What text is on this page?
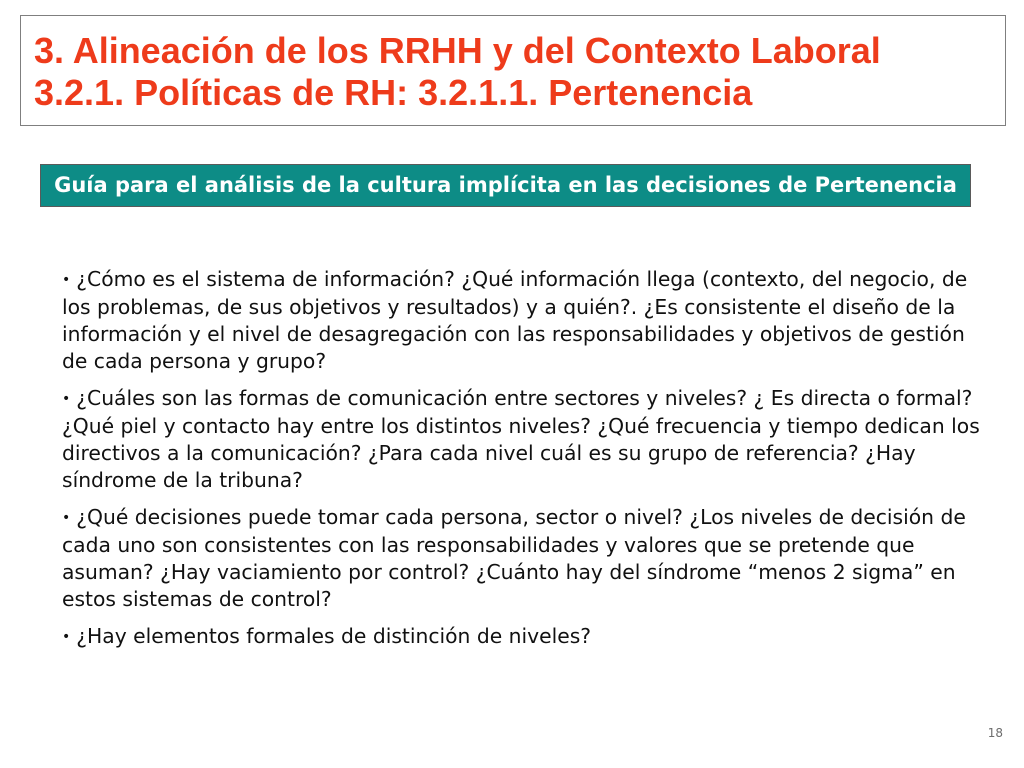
3. Alineación de los RRHH y del Contexto Laboral
3.2.1. Políticas de RH: 3.2.1.1. Pertenencia
Guía para el análisis de la cultura implícita en las decisiones de Pertenencia
• ¿Cómo es el sistema de información? ¿Qué información llega (contexto, del negocio, de los problemas, de sus objetivos y resultados) y a quién?. ¿Es consistente el diseño de la información y el nivel de desagregación con las responsabilidades y objetivos de gestión de cada persona y grupo?
• ¿Cuáles son las formas de comunicación entre sectores y niveles? ¿ Es directa o formal? ¿Qué piel y contacto hay entre los distintos niveles? ¿Qué frecuencia y tiempo dedican los directivos a la comunicación? ¿Para cada nivel cuál es su grupo de referencia? ¿Hay síndrome de la tribuna?
• ¿Qué decisiones puede tomar cada persona, sector o nivel? ¿Los niveles de decisión de cada uno son consistentes con las responsabilidades y valores que se pretende que asuman? ¿Hay vaciamiento por control? ¿Cuánto hay del síndrome “menos 2 sigma” en estos sistemas de control?
• ¿Hay elementos formales de distinción de niveles?
18
